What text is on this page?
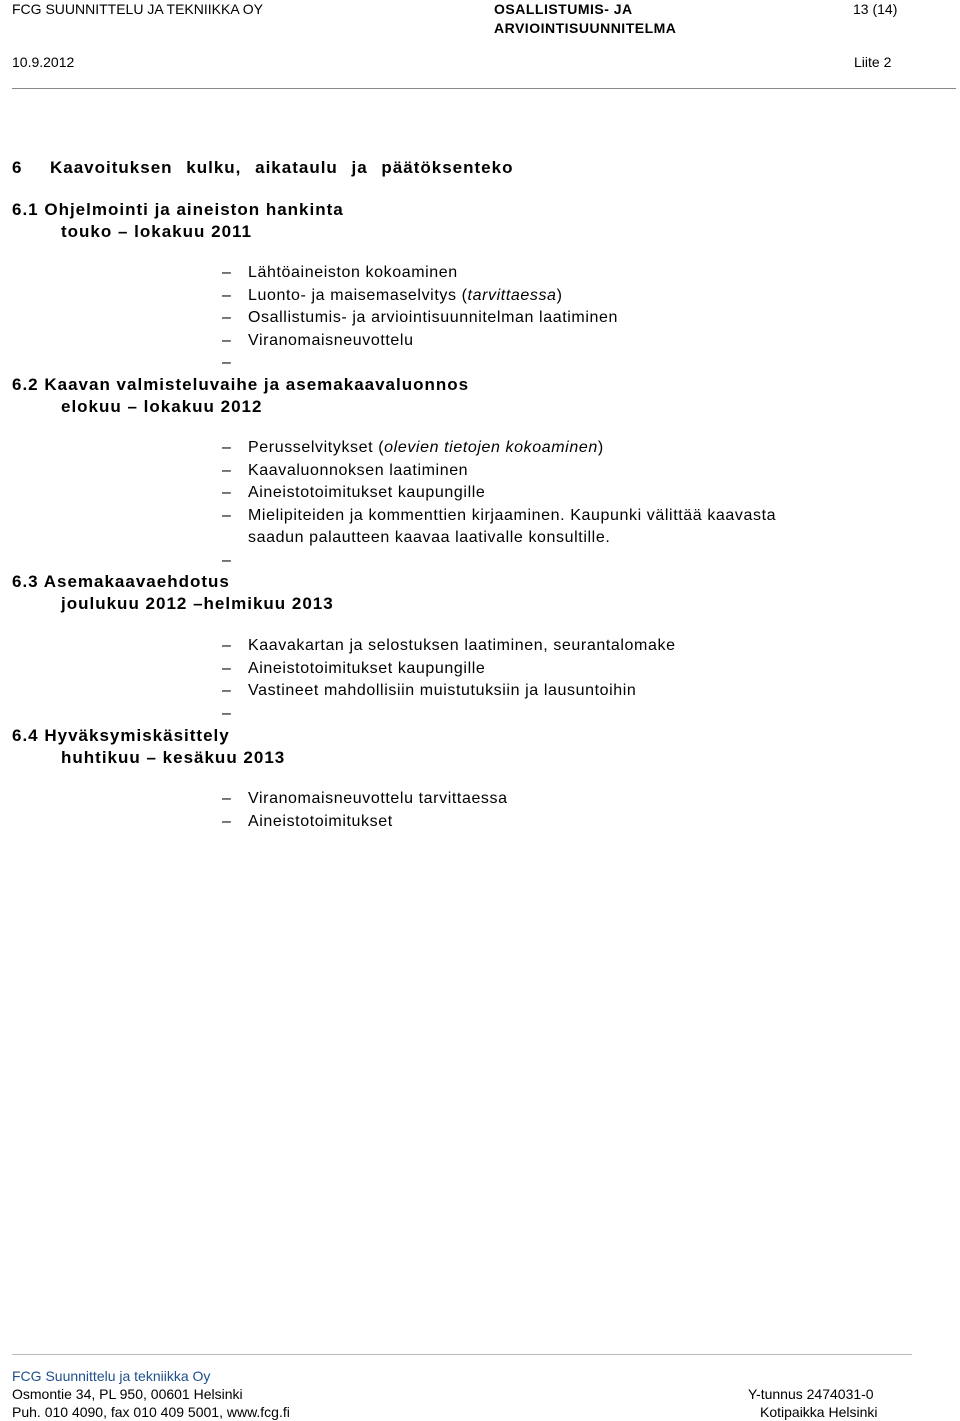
FCG SUUNNITTELU JA TEKNIIKKA OY	OSALLISTUMIS- JA
ARVIOINTISUUNNITELMA
13 (14)
10.9.2012	Liite 2
6 Kaavoituksen kulku, aikataulu ja päätöksenteko
6.1 Ohjelmointi ja aineiston hankinta
touko – lokakuu 2011
– Lähtöaineiston kokoaminen
– Luonto- ja maisemaselvitys (tarvittaessa)
– Osallistumis- ja arviointisuunnitelman laatiminen
– Viranomaisneuvottelu
–
6.2 Kaavan valmisteluvaihe ja asemakaavaluonnos
elokuu – lokakuu 2012
– Perusselvitykset (olevien tietojen kokoaminen)
– Kaavaluonnoksen laatiminen
– Aineistotoimitukset kaupungille
– Mielipiteiden ja kommenttien kirjaaminen. Kaupunki välittää kaavasta
saadun palautteen kaavaa laativalle konsultille.
–
6.3 Asemakaavaehdotus
joulukuu 2012 –helmikuu 2013
– Kaavakartan ja selostuksen laatiminen, seurantalomake
– Aineistotoimitukset kaupungille
– Vastineet mahdollisiin muistutuksiin ja lausuntoihin
–
6.4 Hyväksymiskäsittely
huhtikuu – kesäkuu 2013
– Viranomaisneuvottelu tarvittaessa
– Aineistotoimitukset
FCG Suunnittelu ja tekniikka Oy
Osmontie 34, PL 950, 00601 Helsinki
Puh. 010 4090, fax 010 409 5001, www.fcg.fi
Y-tunnus 2474031-0
Kotipaikka Helsinki
